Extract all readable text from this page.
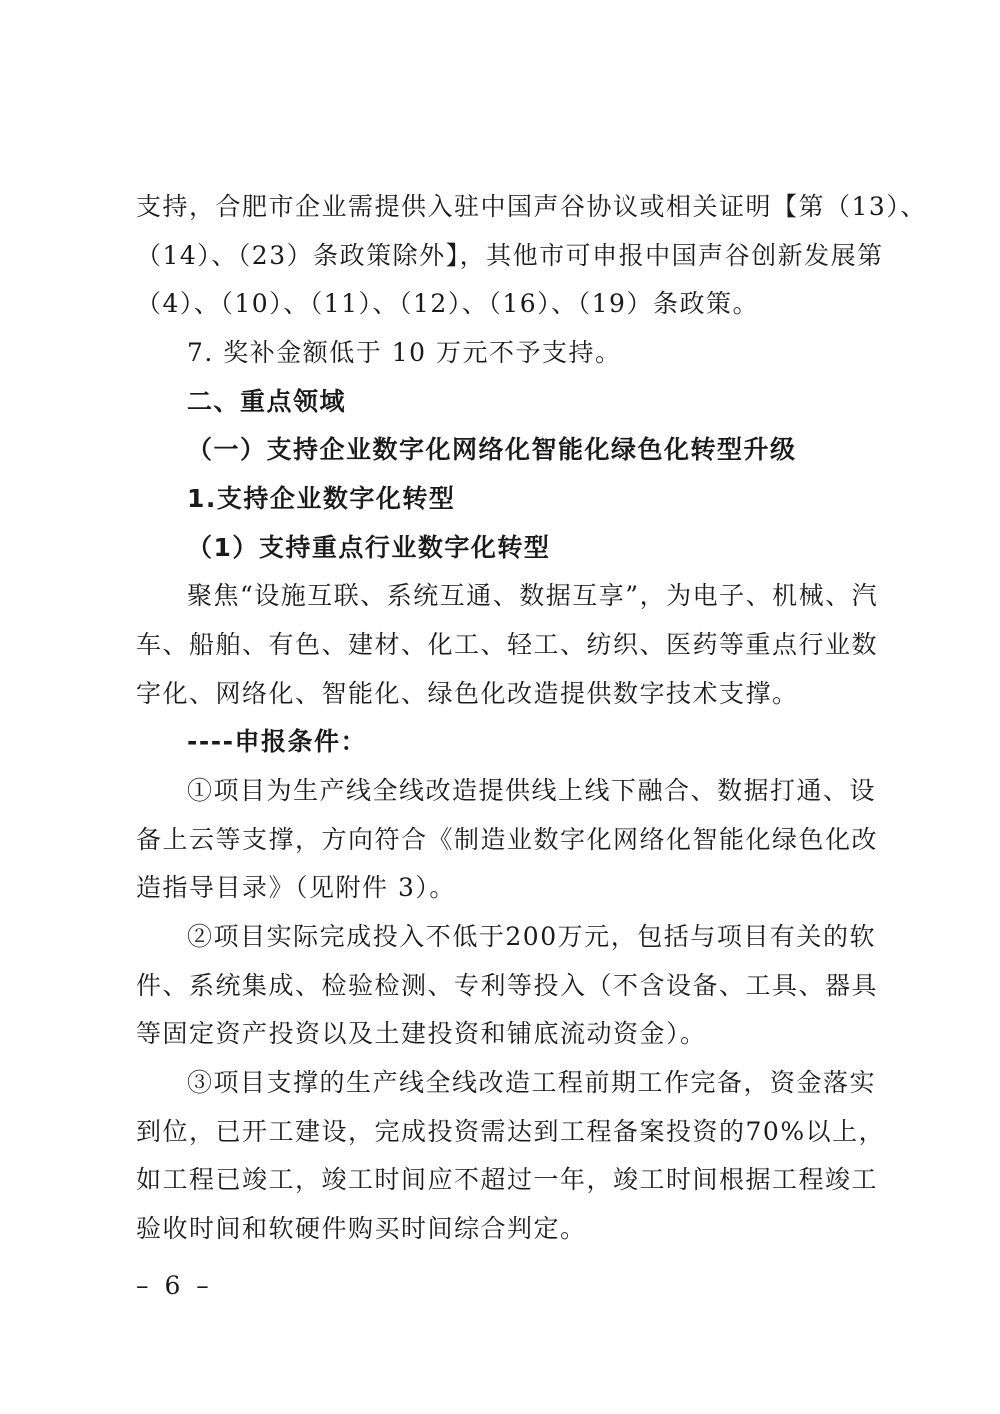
支持，合肥市企业需提供入驻中国声谷协议或相关证明【第（13）、
（14）、（23）条政策除外】，其他市可申报中国声谷创新发展第
（4）、（10）、（11）、（12）、（16）、（19）条政策。
7. 奖补金额低于 10 万元不予支持。
二、重点领域
（一）支持企业数字化网络化智能化绿色化转型升级
1.支持企业数字化转型
（1）支持重点行业数字化转型
聚焦“设施互联、系统互通、数据互享”，为电子、机械、汽
车、船舶、有色、建材、化工、轻工、纺织、医药等重点行业数
字化、网络化、智能化、绿色化改造提供数字技术支撑。
----申报条件：
①项目为生产线全线改造提供线上线下融合、数据打通、设
备上云等支撑，方向符合《制造业数字化网络化智能化绿色化改
造指导目录》（见附件 3）。
②项目实际完成投入不低于200万元，包括与项目有关的软
件、系统集成、检验检测、专利等投入（不含设备、工具、器具
等固定资产投资以及土建投资和铺底流动资金）。
③项目支撑的生产线全线改造工程前期工作完备，资金落实
到位，已开工建设，完成投资需达到工程备案投资的70%以上，
如工程已竣工，竣工时间应不超过一年，竣工时间根据工程竣工
验收时间和软硬件购买时间综合判定。
– 6 –
